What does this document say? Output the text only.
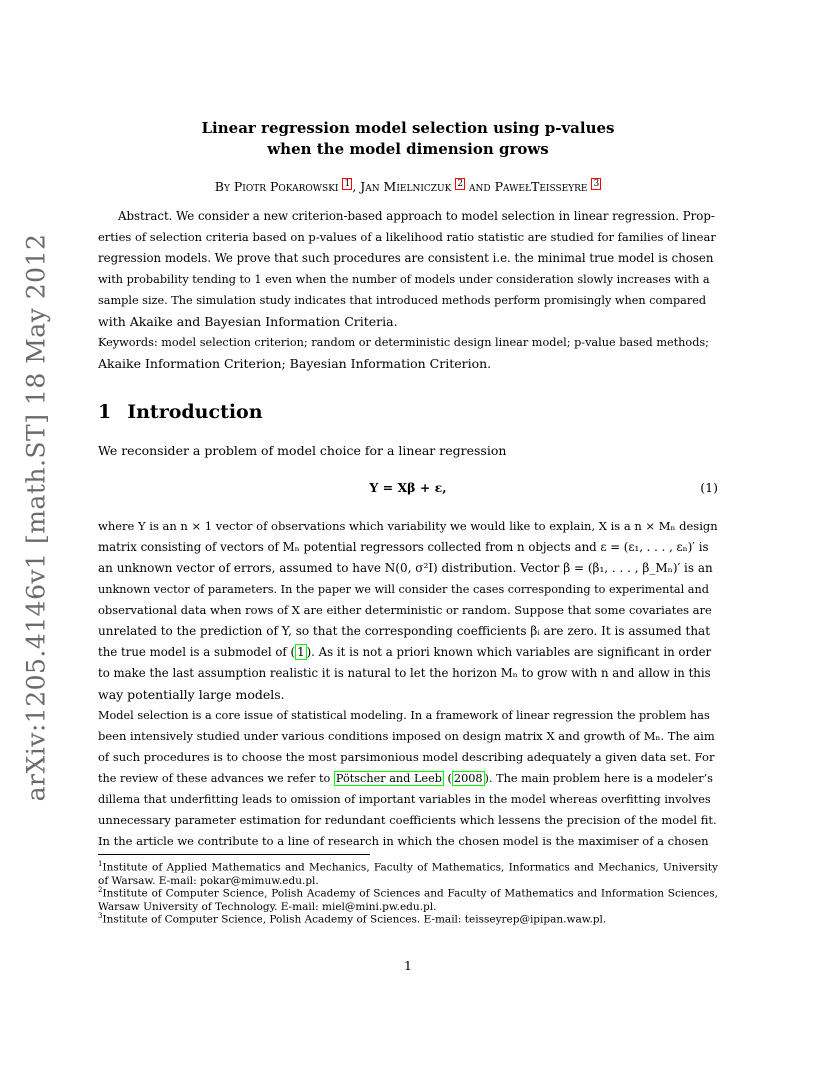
arXiv:1205.4146v1 [math.ST] 18 May 2012
Linear regression model selection using p-values
when the model dimension grows
By Piotr Pokarowski 1 , Jan Mielniczuk 2 and PawełTeisseyre 3
Abstract. We consider a new criterion-based approach to model selection in linear regression. Prop-
erties of selection criteria based on p-values of a likelihood ratio statistic are studied for families of linear
regression models. We prove that such procedures are consistent i.e. the minimal true model is chosen
with probability tending to 1 even when the number of models under consideration slowly increases with a
sample size. The simulation study indicates that introduced methods perform promisingly when compared
with Akaike and Bayesian Information Criteria.
Keywords: model selection criterion; random or deterministic design linear model; p-value based methods;
Akaike Information Criterion; Bayesian Information Criterion.
1 Introduction
We reconsider a problem of model choice for a linear regression
Y = Xβ + ε,	(1)
where Y is an n × 1 vector of observations which variability we would like to explain, X is a n × Mₙ design
matrix consisting of vectors of Mₙ potential regressors collected from n objects and ε = (ε₁, . . . , εₙ)′ is
an unknown vector of errors, assumed to have N(0, σ²I) distribution. Vector β = (β₁, . . . , β_Mₙ)′ is an
unknown vector of parameters. In the paper we will consider the cases corresponding to experimental and
observational data when rows of X are either deterministic or random. Suppose that some covariates are
unrelated to the prediction of Y, so that the corresponding coefficients βᵢ are zero. It is assumed that
the true model is a submodel of ( 1 ). As it is not a priori known which variables are significant in order
to make the last assumption realistic it is natural to let the horizon Mₙ to grow with n and allow in this
way potentially large models.
Model selection is a core issue of statistical modeling. In a framework of linear regression the problem has
been intensively studied under various conditions imposed on design matrix X and growth of Mₙ. The aim
of such procedures is to choose the most parsimonious model describing adequately a given data set. For
the review of these advances we refer to Pötscher and Leeb ( 2008 ). The main problem here is a modeler’s
dillema that underfitting leads to omission of important variables in the model whereas overfitting involves
unnecessary parameter estimation for redundant coefficients which lessens the precision of the model fit.
In the article we contribute to a line of research in which the chosen model is the maximiser of a chosen
$^1$Institute of Applied Mathematics and Mechanics, Faculty of Mathematics, Informatics and Mechanics, University of Warsaw. E-mail: pokar@mimuw.edu.pl.
$^2$Institute of Computer Science, Polish Academy of Sciences and Faculty of Mathematics and Information Sciences, Warsaw University of Technology. E-mail: miel@mini.pw.edu.pl.
$^3$Institute of Computer Science, Polish Academy of Sciences. E-mail: teisseyrep@ipipan.waw.pl.
1
